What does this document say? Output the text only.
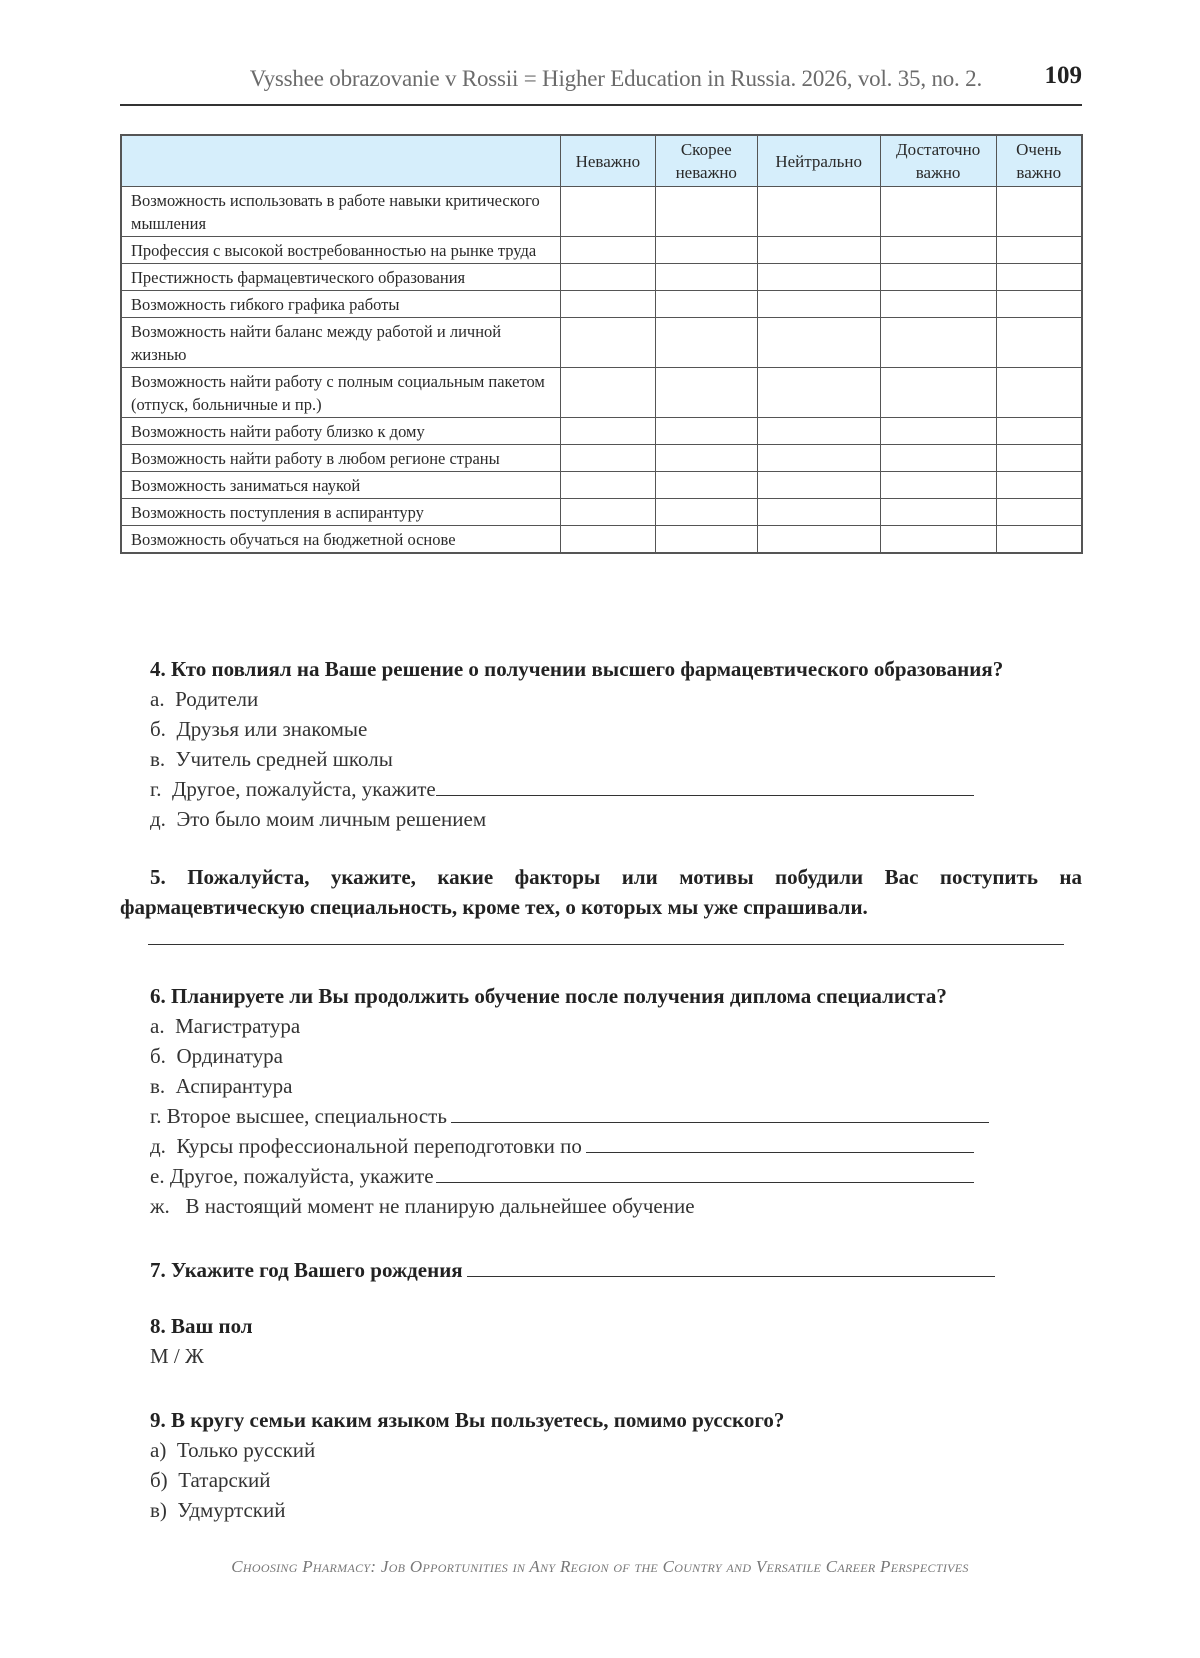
Vysshee obrazovanie v Rossii = Higher Education in Russia. 2026, vol. 35, no. 2.	109
	Неважно	Скорее неважно	Нейтрально	Достаточно важно	Очень важно
Возможность использовать в работе навыки критического мышления					
Профессия с высокой востребованностью на рынке труда					
Престижность фармацевтического образования					
Возможность гибкого графика работы					
Возможность найти баланс между работой и личной жизнью					
Возможность найти работу с полным социальным пакетом (отпуск, больничные и пр.)					
Возможность найти работу близко к дому					
Возможность найти работу в любом регионе страны					
Возможность заниматься наукой					
Возможность поступления в аспирантуру					
Возможность обучаться на бюджетной основе					
4. Кто повлиял на Ваше решение о получении высшего фармацевтического образования?
а. Родители
б. Друзья или знакомые
в. Учитель средней школы
г. Другое, пожалуйста, укажите
д. Это было моим личным решением
5. Пожалуйста, укажите, какие факторы или мотивы побудили Вас поступить на фармацевтическую специальность, кроме тех, о которых мы уже спрашивали.
6. Планируете ли Вы продолжить обучение после получения диплома специалиста?
а. Магистратура
б. Ординатура
в. Аспирантура
г. Второе высшее, специальность
д. Курсы профессиональной переподготовки по
е. Другое, пожалуйста, укажите
ж. В настоящий момент не планирую дальнейшее обучение
7. Укажите год Вашего рождения
8. Ваш пол
М / Ж
9. В кругу семьи каким языком Вы пользуетесь, помимо русского?
а) Только русский
б) Татарский
в) Удмуртский
Choosing Pharmacy: Job Opportunities in Any Region of the Country and Versatile Career Perspectives
